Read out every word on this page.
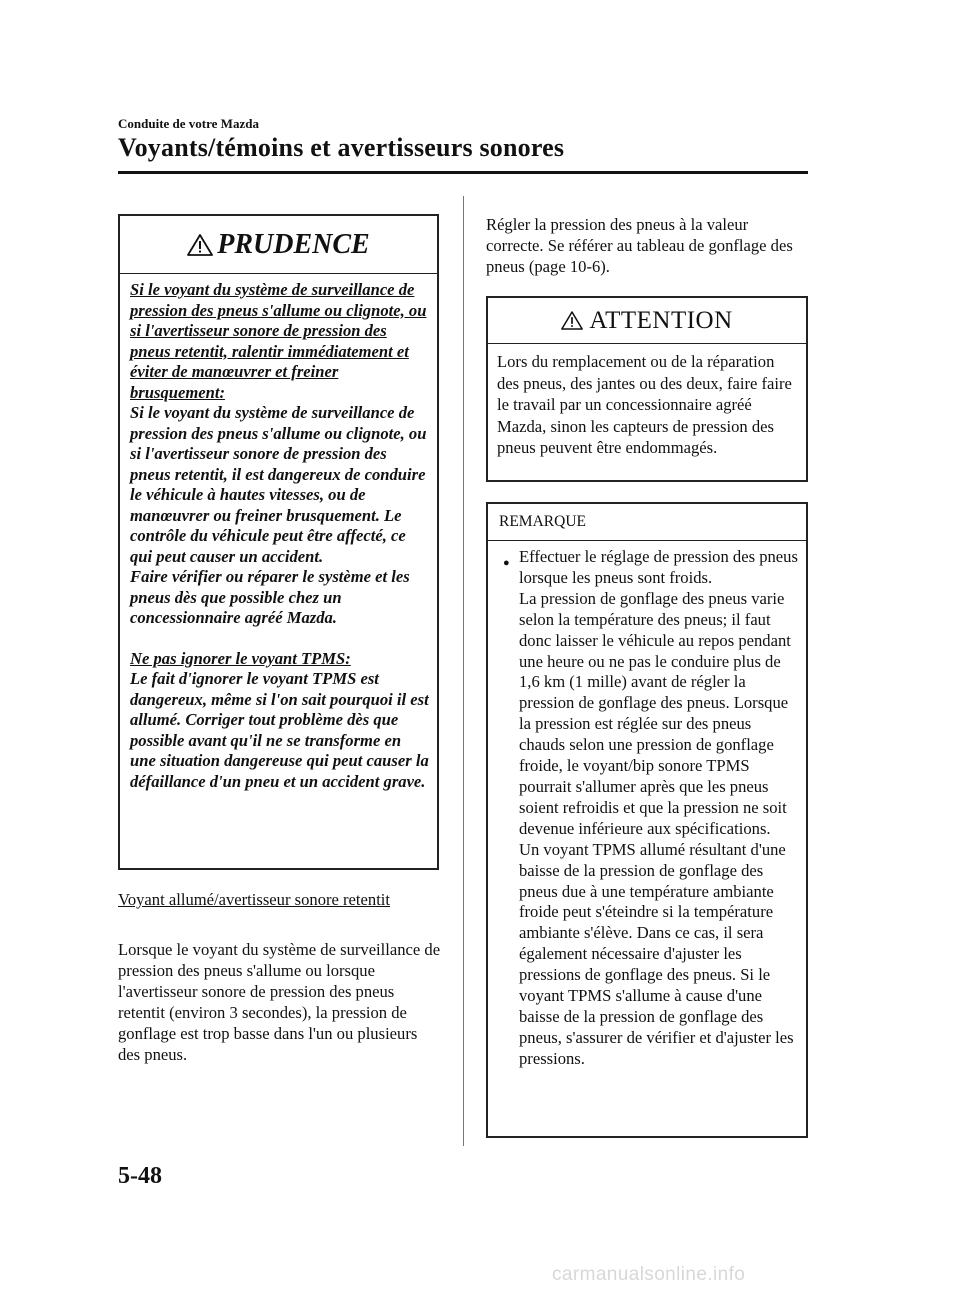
Conduite de votre Mazda
Voyants/témoins et avertisseurs sonores
PRUDENCE

Si le voyant du système de surveillance de pression des pneus s'allume ou clignote, ou si l'avertisseur sonore de pression des pneus retentit, ralentir immédiatement et éviter de manœuvrer et freiner brusquement:

Si le voyant du système de surveillance de pression des pneus s'allume ou clignote, ou si l'avertisseur sonore de pression des pneus retentit, il est dangereux de conduire le véhicule à hautes vitesses, ou de manœuvrer ou freiner brusquement. Le contrôle du véhicule peut être affecté, ce qui peut causer un accident.

Faire vérifier ou réparer le système et les pneus dès que possible chez un concessionnaire agréé Mazda.

Ne pas ignorer le voyant TPMS:

Le fait d'ignorer le voyant TPMS est dangereux, même si l'on sait pourquoi il est allumé. Corriger tout problème dès que possible avant qu'il ne se transforme en une situation dangereuse qui peut causer la défaillance d'un pneu et un accident grave.

Voyant allumé/avertisseur sonore retentit
Lorsque le voyant du système de surveillance de pression des pneus s'allume ou lorsque l'avertisseur sonore de pression des pneus retentit (environ 3 secondes), la pression de gonflage est trop basse dans l'un ou plusieurs des pneus.
Régler la pression des pneus à la valeur correcte. Se référer au tableau de gonflage des pneus (page 10-6).
ATTENTION
Lors du remplacement ou de la réparation des pneus, des jantes ou des deux, faire faire le travail par un concessionnaire agréé Mazda, sinon les capteurs de pression des pneus peuvent être endommagés.
REMARQUE
● Effectuer le réglage de pression des pneus lorsque les pneus sont froids.

La pression de gonflage des pneus varie selon la température des pneus; il faut donc laisser le véhicule au repos pendant une heure ou ne pas le conduire plus de 1,6 km (1 mille) avant de régler la pression de gonflage des pneus. Lorsque la pression est réglée sur des pneus chauds selon une pression de gonflage froide, le voyant/bip sonore TPMS pourrait s'allumer après que les pneus soient refroidis et que la pression ne soit devenue inférieure aux spécifications.

Un voyant TPMS allumé résultant d'une baisse de la pression de gonflage des pneus due à une température ambiante froide peut s'éteindre si la température ambiante s'élève. Dans ce cas, il sera également nécessaire d'ajuster les pressions de gonflage des pneus. Si le voyant TPMS s'allume à cause d'une baisse de la pression de gonflage des pneus, s'assurer de vérifier et d'ajuster les pressions.

5-48
carmanualsonline.info
